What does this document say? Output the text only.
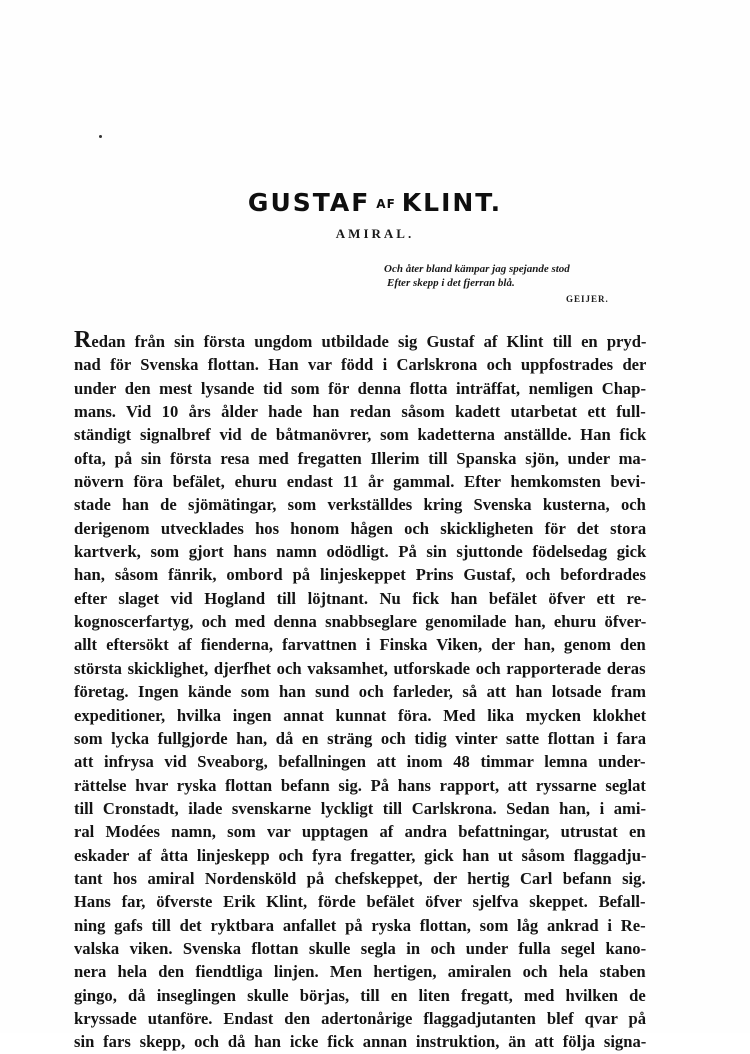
GUSTAF AF KLINT.
AMIRAL.
Och åter bland kämpar jag spejande stod
Efter skepp i det fjerran blå.
GEIJER.
Redan från sin första ungdom utbildade sig Gustaf af Klint till en pryd-
nad för Svenska flottan. Han var född i Carlskrona och uppfostrades der
under den mest lysande tid som för denna flotta inträffat, nemligen Chap-
mans. Vid 10 års ålder hade han redan såsom kadett utarbetat ett full-
ständigt signalbref vid de båtmanövrer, som kadetterna anställde. Han fick
ofta, på sin första resa med fregatten Illerim till Spanska sjön, under ma-
növern föra befälet, ehuru endast 11 år gammal. Efter hemkomsten bevi-
stade han de sjömätingar, som verkställdes kring Svenska kusterna, och
derigenom utvecklades hos honom hågen och skickligheten för det stora
kartverk, som gjort hans namn odödligt. På sin sjuttonde födelsedag gick
han, såsom fänrik, ombord på linjeskeppet Prins Gustaf, och befordrades
efter slaget vid Hogland till löjtnant. Nu fick han befälet öfver ett re-
kognoscerfartyg, och med denna snabbseglare genomilade han, ehuru öfver-
allt eftersökt af fienderna, farvattnen i Finska Viken, der han, genom den
största skicklighet, djerfhet och vaksamhet, utforskade och rapporterade deras
företag. Ingen kände som han sund och farleder, så att han lotsade fram
expeditioner, hvilka ingen annat kunnat föra. Med lika mycken klokhet
som lycka fullgjorde han, då en sträng och tidig vinter satte flottan i fara
att infrysa vid Sveaborg, befallningen att inom 48 timmar lemna under-
rättelse hvar ryska flottan befann sig. På hans rapport, att ryssarne seglat
till Cronstadt, ilade svenskarne lyckligt till Carlskrona. Sedan han, i ami-
ral Modées namn, som var upptagen af andra befattningar, utrustat en
eskader af åtta linjeskepp och fyra fregatter, gick han ut såsom flaggadju-
tant hos amiral Nordensköld på chefskeppet, der hertig Carl befann sig.
Hans far, öfverste Erik Klint, förde befälet öfver sjelfva skeppet. Befall-
ning gafs till det ryktbara anfallet på ryska flottan, som låg ankrad i Re-
valska viken. Svenska flottan skulle segla in och under fulla segel kano-
nera hela den fiendtliga linjen. Men hertigen, amiralen och hela staben
gingo, då inseglingen skulle börjas, till en liten fregatt, med hvilken de
kryssade utanföre. Endast den adertonårige flaggadjutanten blef qvar på
sin fars skepp, och då han icke fick annan instruktion, än att följa signa-
